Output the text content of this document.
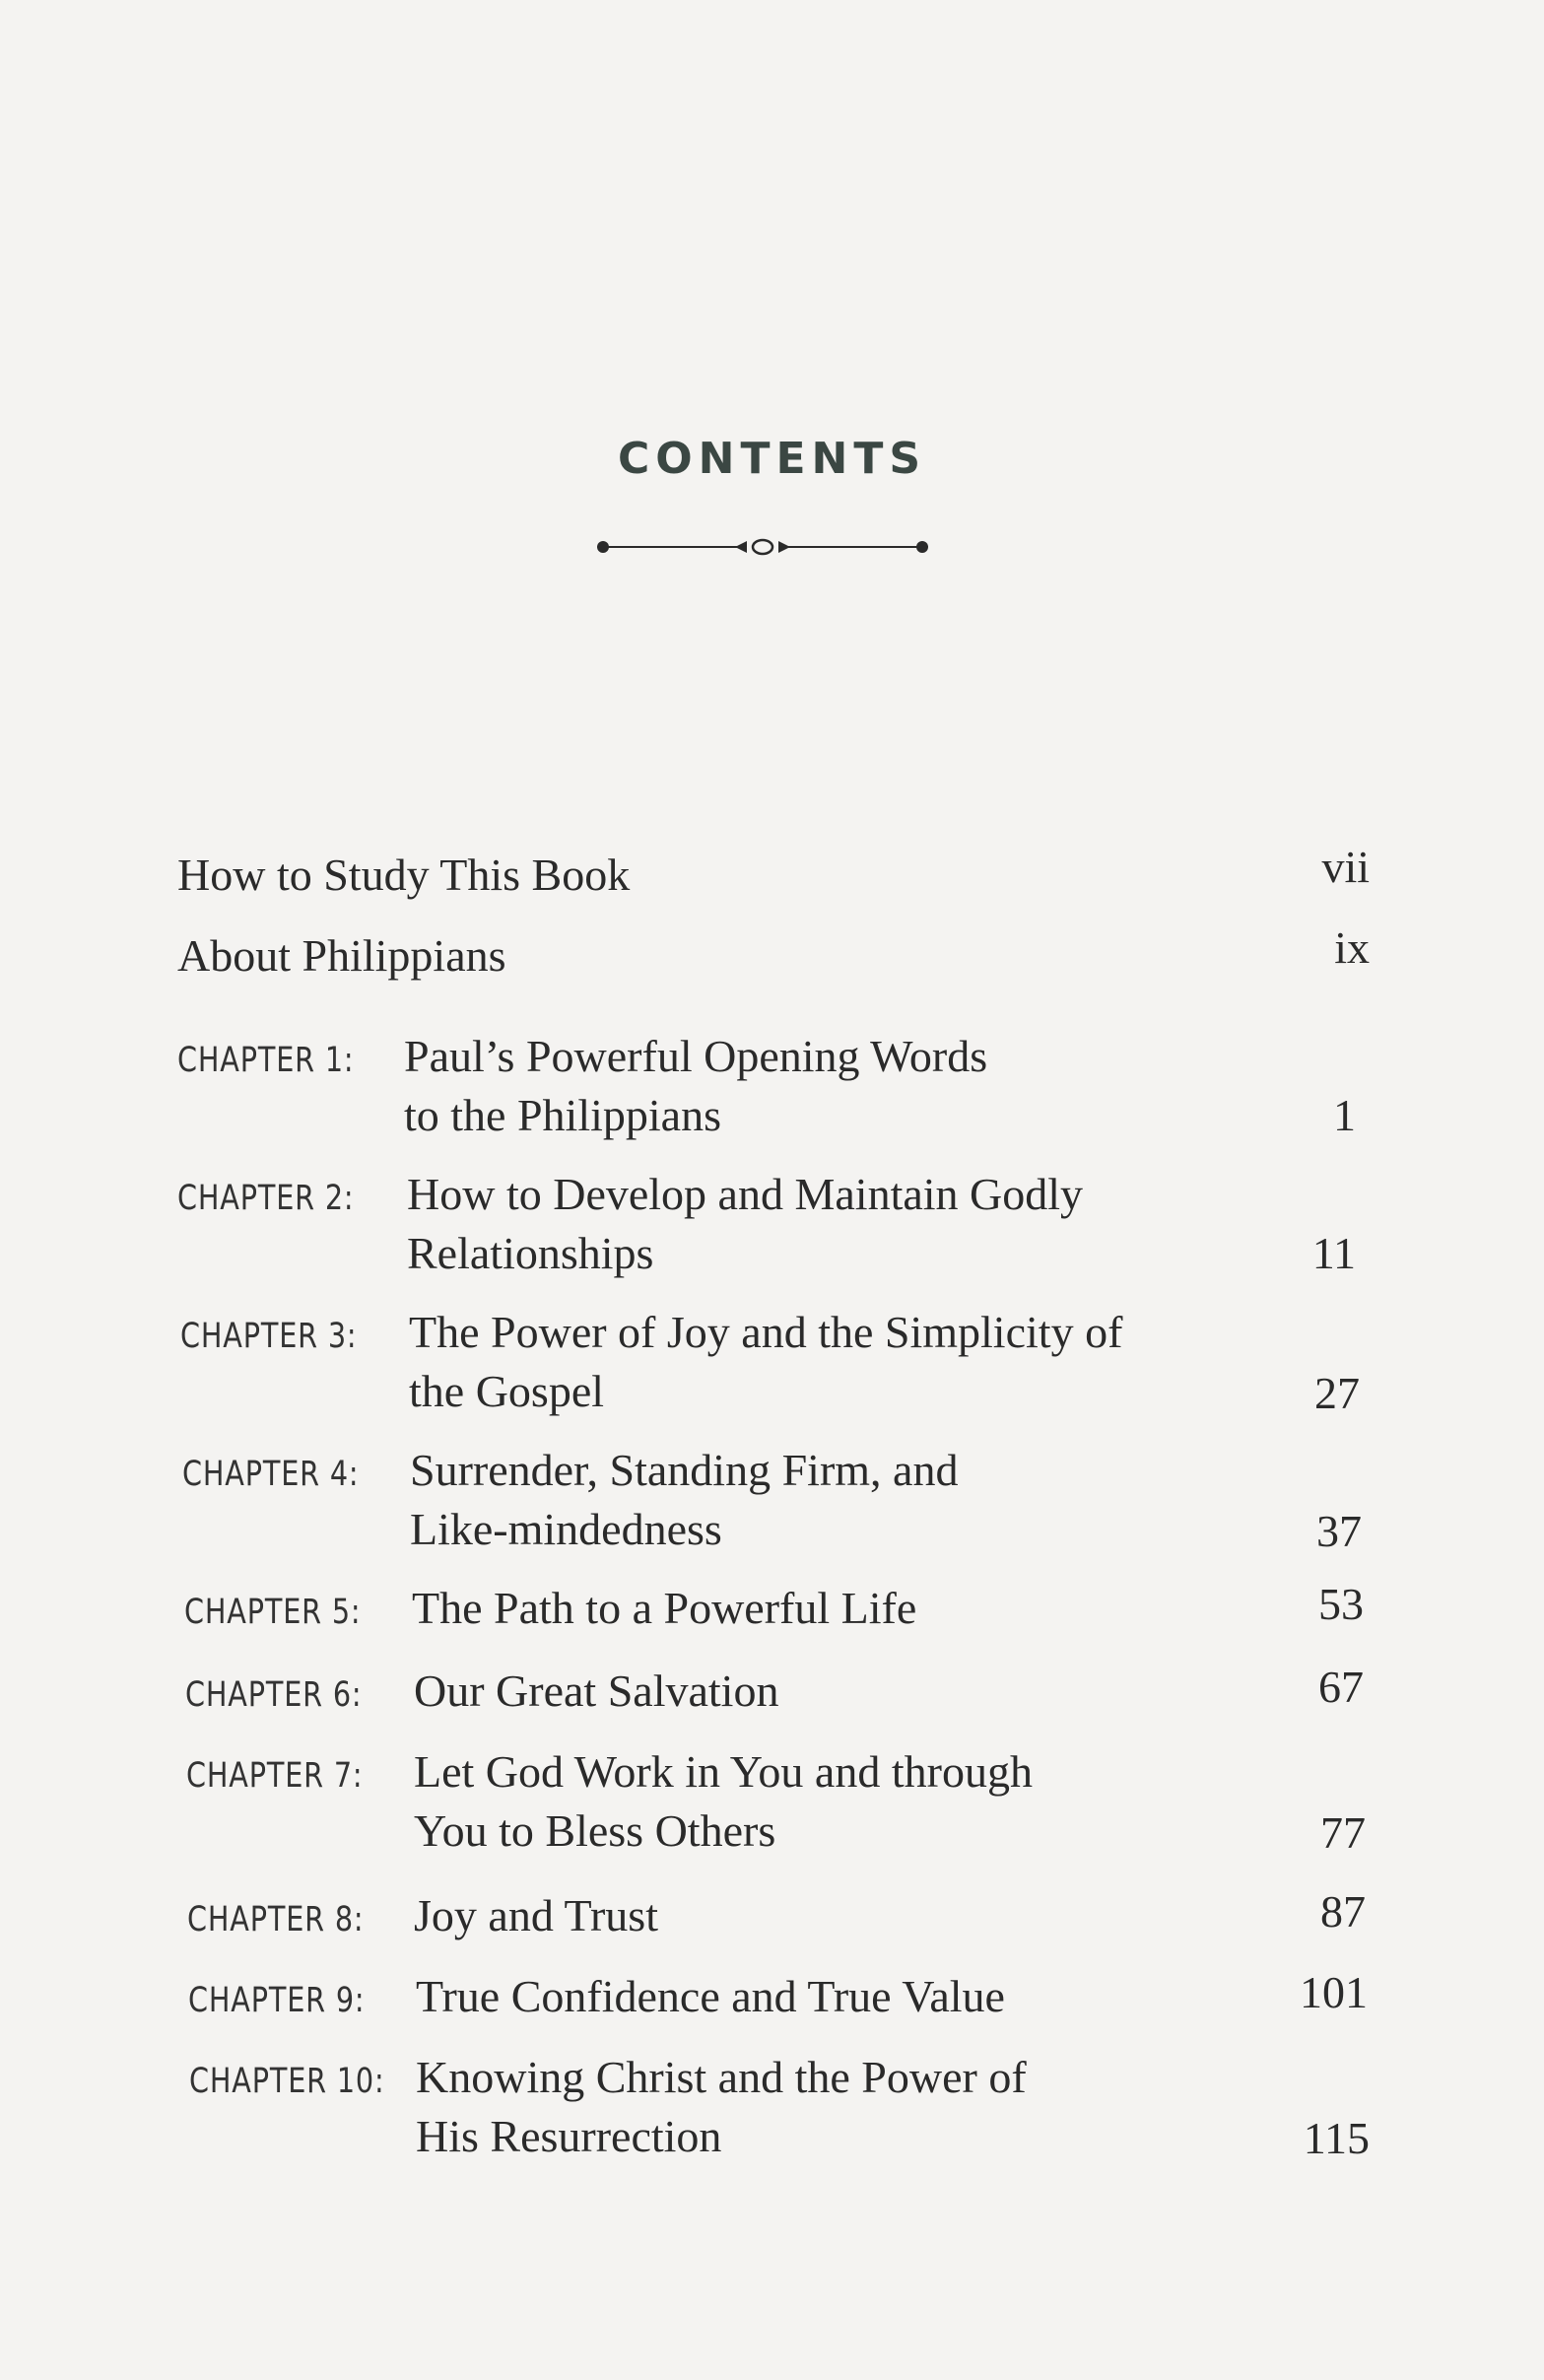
CONTENTS
How to Study This Book	vii
About Philippians	ix
CHAPTER 1: Paul’s Powerful Opening Words
to the Philippians	1
CHAPTER 2: How to Develop and Maintain Godly
Relationships	11
CHAPTER 3: The Power of Joy and the Simplicity of
the Gospel	27
CHAPTER 4: Surrender, Standing Firm, and
Like-mindedness	37
CHAPTER 5: The Path to a Powerful Life	53
CHAPTER 6: Our Great Salvation	67
CHAPTER 7: Let God Work in You and through
You to Bless Others	77
CHAPTER 8: Joy and Trust	87
CHAPTER 9: True Confidence and True Value	101
CHAPTER 10: Knowing Christ and the Power of
His Resurrection	115
